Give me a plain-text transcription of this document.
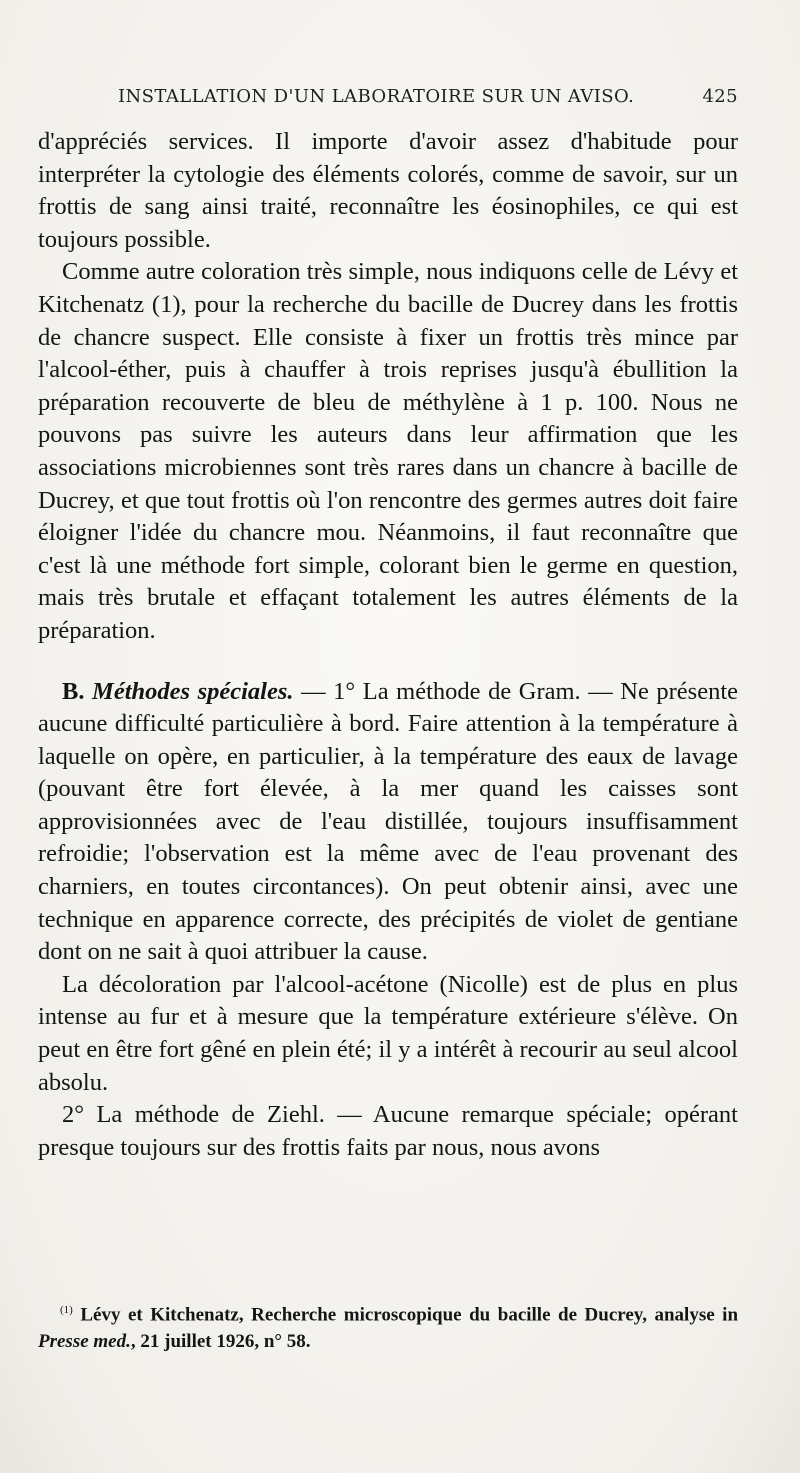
INSTALLATION D'UN LABORATOIRE SUR UN AVISO.	425

d'appréciés services. Il importe d'avoir assez d'habitude pour interpréter la cytologie des éléments colorés, comme de savoir, sur un frottis de sang ainsi traité, reconnaître les éosinophiles, ce qui est toujours possible.

Comme autre coloration très simple, nous indiquons celle de Lévy et Kitchenatz (1), pour la recherche du bacille de Ducrey dans les frottis de chancre suspect. Elle consiste à fixer un frottis très mince par l'alcool-éther, puis à chauffer à trois reprises jusqu'à ébullition la préparation recouverte de bleu de méthylène à 1 p. 100. Nous ne pouvons pas suivre les auteurs dans leur affirmation que les associations microbiennes sont très rares dans un chancre à bacille de Ducrey, et que tout frottis où l'on rencontre des germes autres doit faire éloigner l'idée du chancre mou. Néanmoins, il faut reconnaître que c'est là une méthode fort simple, colorant bien le germe en question, mais très brutale et effaçant totalement les autres éléments de la préparation.

B. Méthodes spéciales. — 1° La méthode de Gram. — Ne présente aucune difficulté particulière à bord. Faire attention à la température à laquelle on opère, en particulier, à la température des eaux de lavage (pouvant être fort élevée, à la mer quand les caisses sont approvisionnées avec de l'eau distillée, toujours insuffisamment refroidie; l'observation est la même avec de l'eau provenant des charniers, en toutes circontances). On peut obtenir ainsi, avec une technique en apparence correcte, des précipités de violet de gentiane dont on ne sait à quoi attribuer la cause.

La décoloration par l'alcool-acétone (Nicolle) est de plus en plus intense au fur et à mesure que la température extérieure s'élève. On peut en être fort gêné en plein été; il y a intérêt à recourir au seul alcool absolu.

2° La méthode de Ziehl. — Aucune remarque spéciale; opérant presque toujours sur des frottis faits par nous, nous avons

$^{(1)}$ Lévy et Kitchenatz, Recherche microscopique du bacille de Ducrey, analyse in Presse med., 21 juillet 1926, n° 58.
